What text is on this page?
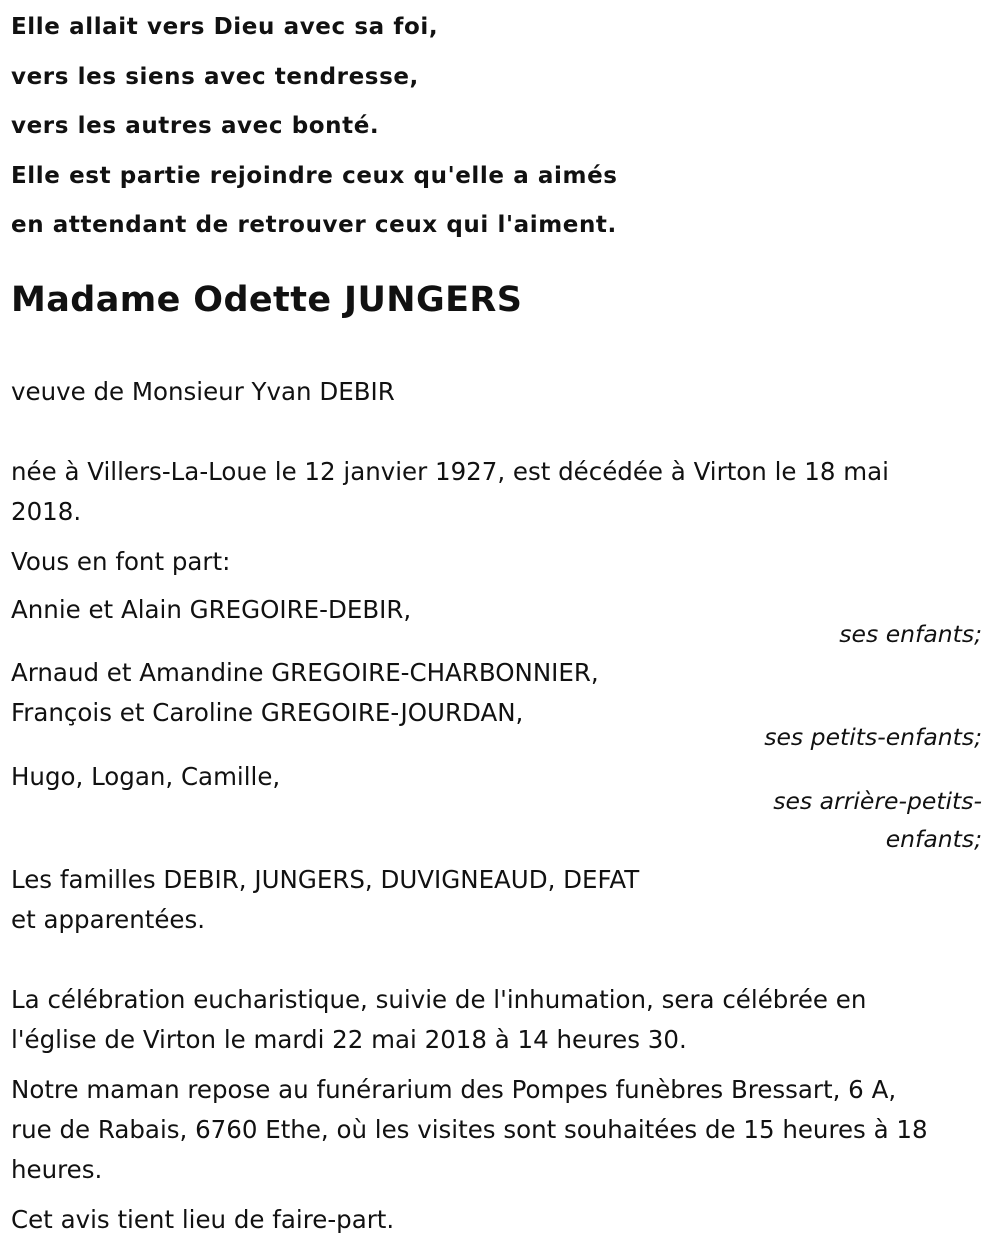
Elle allait vers Dieu avec sa foi,
vers les siens avec tendresse,
vers les autres avec bonté.
Elle est partie rejoindre ceux qu'elle a aimés
en attendant de retrouver ceux qui l'aiment.
Madame Odette JUNGERS
veuve de Monsieur Yvan DEBIR
née à Villers-La-Loue le 12 janvier 1927, est décédée à Virton le 18 mai
2018.
Vous en font part:
Annie et Alain GREGOIRE-DEBIR,
ses enfants;
Arnaud et Amandine GREGOIRE-CHARBONNIER,
François et Caroline GREGOIRE-JOURDAN,
ses petits-enfants;
Hugo, Logan, Camille,
ses arrière-petits-
enfants;
Les familles DEBIR, JUNGERS, DUVIGNEAUD, DEFAT
et apparentées.
La célébration eucharistique, suivie de l'inhumation, sera célébrée en
l'église de Virton le mardi 22 mai 2018 à 14 heures 30.
Notre maman repose au funérarium des Pompes funèbres Bressart, 6 A,
rue de Rabais, 6760 Ethe, où les visites sont souhaitées de 15 heures à 18
heures.
Cet avis tient lieu de faire-part.
